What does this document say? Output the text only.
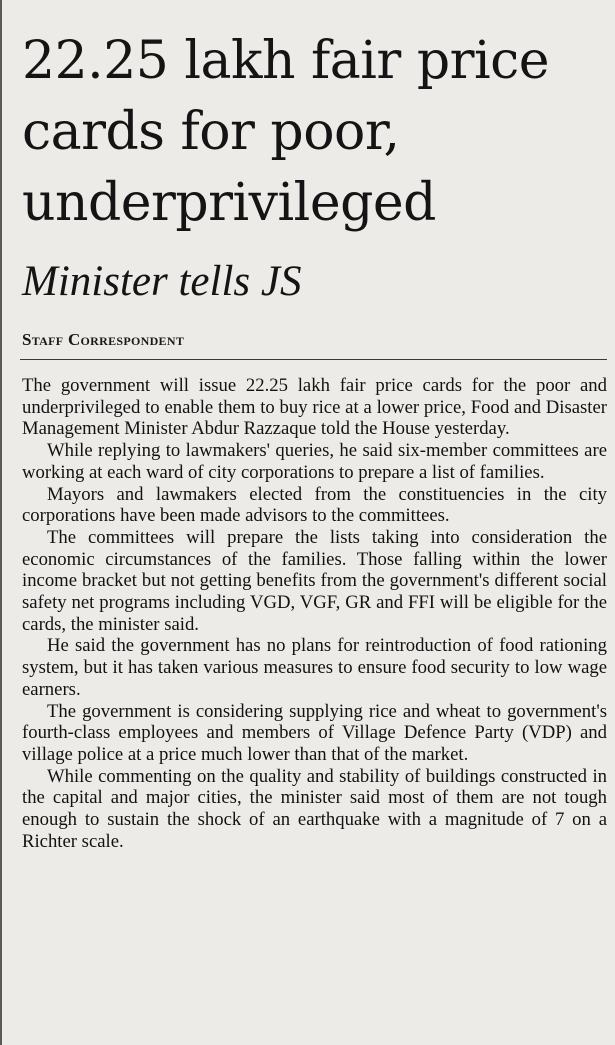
22.25 lakh fair price cards for poor, underprivileged
Minister tells JS
Staff Correspondent

The government will issue 22.25 lakh fair price cards for the poor and underprivileged to enable them to buy rice at a lower price, Food and Disaster Management Minister Abdur Razzaque told the House yesterday.

While replying to lawmakers' queries, he said six-member committees are working at each ward of city corporations to prepare a list of families.

Mayors and lawmakers elected from the constituencies in the city corporations have been made advisors to the committees.

The committees will prepare the lists taking into consideration the economic circumstances of the families. Those falling within the lower income bracket but not getting benefits from the government's different social safety net programs including VGD, VGF, GR and FFI will be eligible for the cards, the minister said.

He said the government has no plans for reintroduction of food rationing system, but it has taken various measures to ensure food security to low wage earners.

The government is considering supplying rice and wheat to government's fourth-class employees and members of Village Defence Party (VDP) and village police at a price much lower than that of the market.

While commenting on the quality and stability of buildings constructed in the capital and major cities, the minister said most of them are not tough enough to sustain the shock of an earthquake with a magnitude of 7 on a Richter scale.
